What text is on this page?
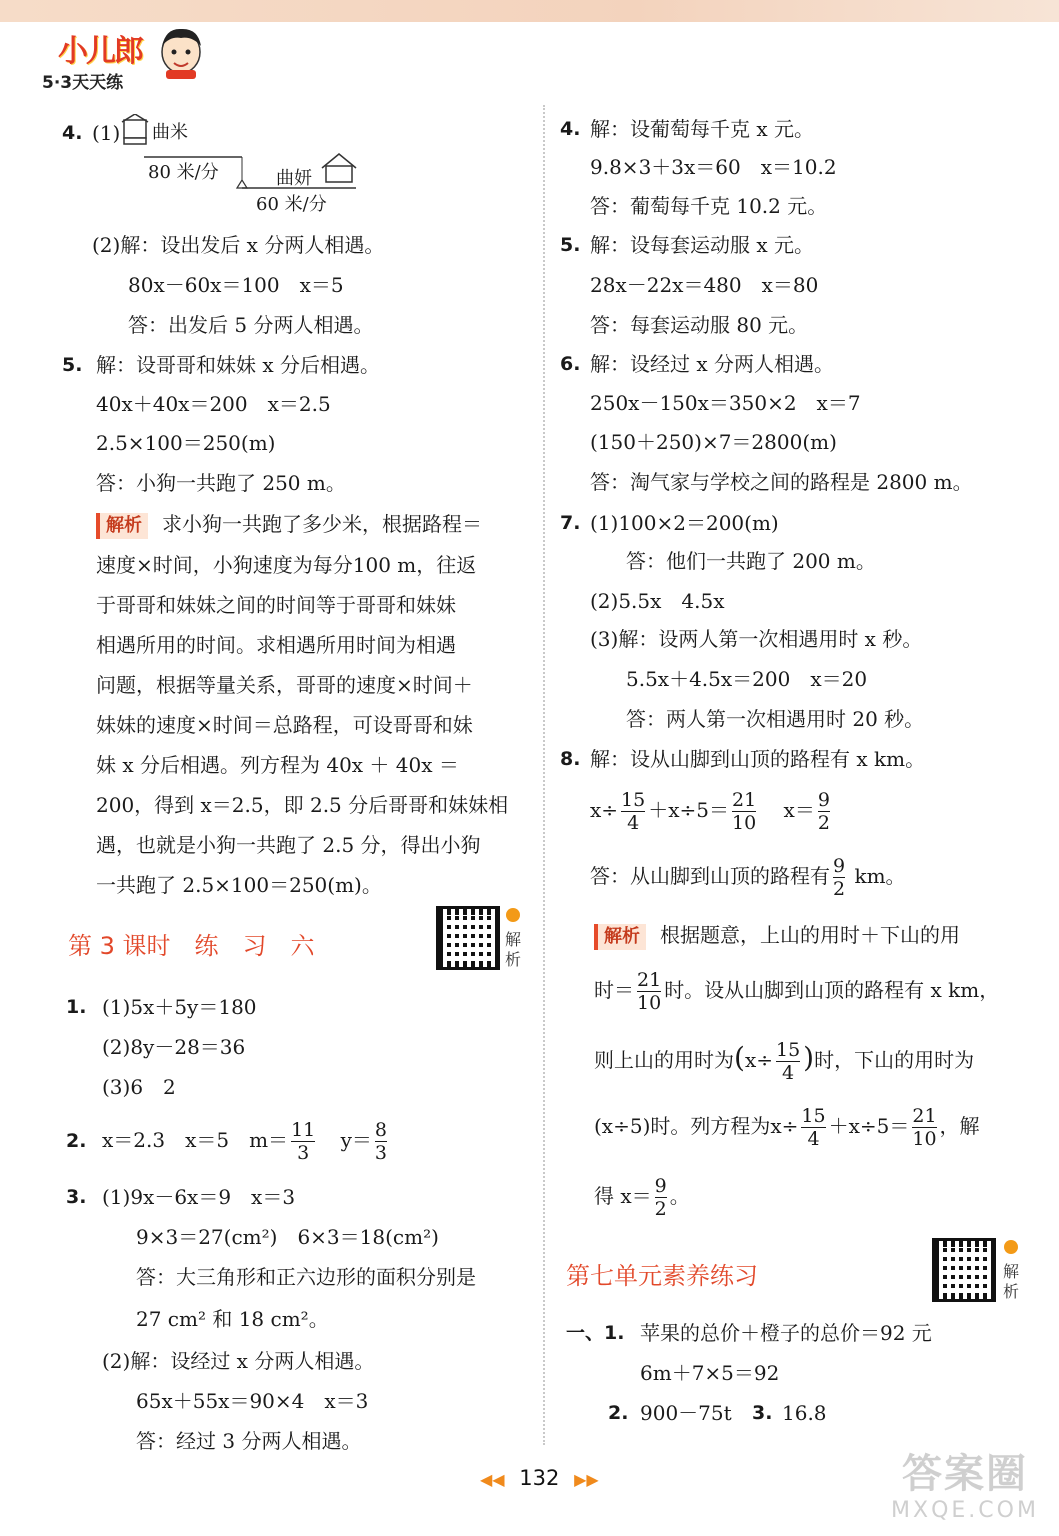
小儿郎
5·3天天练
4. (1) 曲米
80 米/分	曲妍
60 米/分
(2)解：设出发后 x 分两人相遇。
80x－60x＝100　x＝5
答：出发后 5 分两人相遇。
5. 解：设哥哥和妹妹 x 分后相遇。
40x＋40x＝200　x＝2.5
2.5×100＝250(m)
答：小狗一共跑了 250 m。
解析 求小狗一共跑了多少米，根据路程＝
速度×时间，小狗速度为每分100 m，往返
于哥哥和妹妹之间的时间等于哥哥和妹妹
相遇所用的时间。求相遇所用时间为相遇
问题，根据等量关系，哥哥的速度×时间＋
妹妹的速度×时间＝总路程，可设哥哥和妹
妹 x 分后相遇。列方程为 40x ＋ 40x ＝
200，得到 x＝2.5，即 2.5 分后哥哥和妹妹相
遇，也就是小狗一共跑了 2.5 分，得出小狗
一共跑了 2.5×100＝250(m)。
第 3 课时　练　习　六	解析
1. (1)5x＋5y＝180
(2)8y－28＝36
(3)6　2
2. x＝2.3　x＝5　$m= \frac{11}{3} y= \frac{8}{3}$
3. (1)9x－6x＝9　x＝3
9×3＝27(cm²)　6×3＝18(cm²)
答：大三角形和正六边形的面积分别是
27 cm² 和 18 cm²。
(2)解：设经过 x 分两人相遇。
65x＋55x＝90×4　x＝3
答：经过 3 分两人相遇。
4. 解：设葡萄每千克 x 元。
9.8×3＋3x＝60　x＝10.2
答：葡萄每千克 10.2 元。
5. 解：设每套运动服 x 元。
28x－22x＝480　x＝80
答：每套运动服 80 元。
6. 解：设经过 x 分两人相遇。
250x－150x＝350×2　x＝7
(150＋250)×7＝2800(m)
答：淘气家与学校之间的路程是 2800 m。
7. (1)100×2＝200(m)
答：他们一共跑了 200 m。
(2)5.5x　4.5x
(3)解：设两人第一次相遇用时 x 秒。
5.5x＋4.5x＝200　x＝20
答：两人第一次相遇用时 20 秒。
8. 解：设从山脚到山顶的路程有 x km。
$x\div \frac{15}{4} +x\div 5= \frac{21}{10} x= \frac{9}{2}$
答：从山脚到山顶的路程有 $\frac{9}{2}$ km。
解析 根据题意，上山的用时＋下山的用
时＝ $\frac{21}{10}$ 时。设从山脚到山顶的路程有 x km，
则上山的用时为($x\div \frac{15}{4}$ )时，下山的用时为
(x÷5)时。列方程为$x\div \frac{15}{4} +x\div 5= \frac{21}{10}$ ，解
得 $x= \frac{9}{2}$ 。
第七单元素养练习	解析
一、1. 苹果的总价＋橙子的总价＝92 元
6m＋7×5＝92
2. 900－75t 3. 16.8
◀◀ 132 ▶▶	答案圈
MXQE.COM
